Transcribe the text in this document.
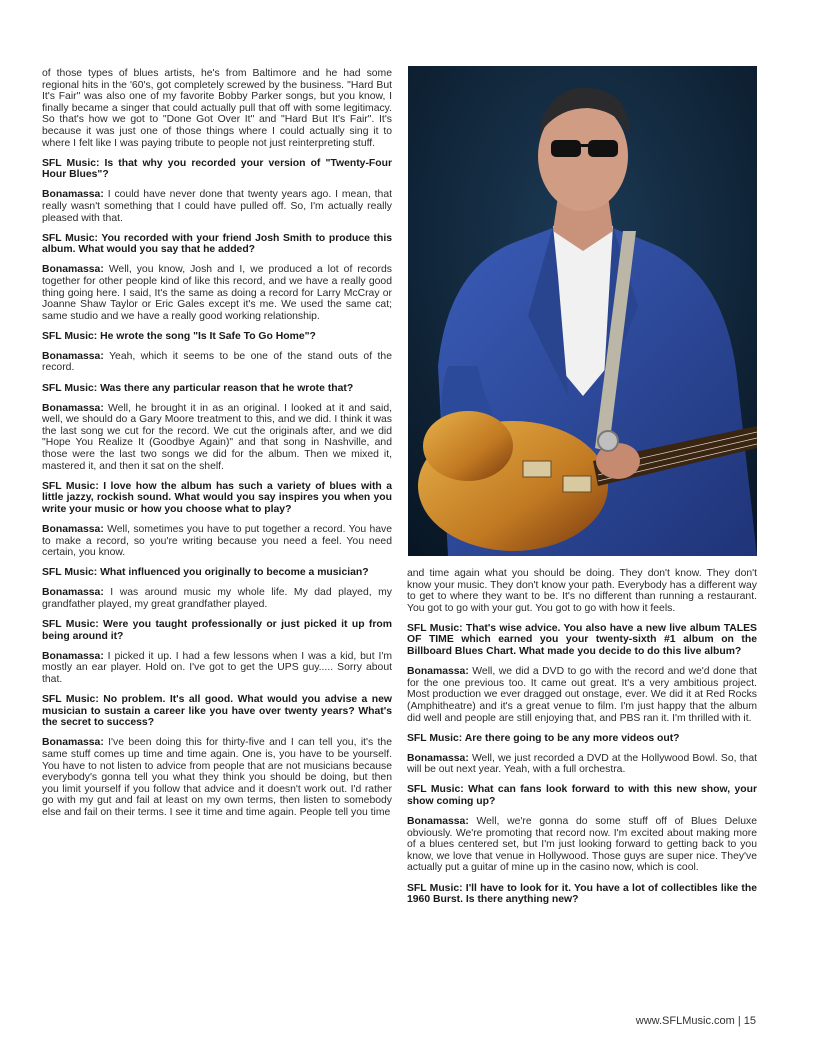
of those types of blues artists, he's from Baltimore and he had some regional hits in the '60's, got completely screwed by the business. "Hard But It's Fair" was also one of my favorite Bobby Parker songs, but you know, I finally became a singer that could actually pull that off with some legitimacy. So that's how we got to "Done Got Over It" and "Hard But It's Fair". It's because it was just one of those things where I could actually sing it to where I felt like I was paying tribute to people not just reinterpreting stuff.

SFL Music: Is that why you recorded your version of "Twenty-Four Hour Blues"?

Bonamassa: I could have never done that twenty years ago. I mean, that really wasn't something that I could have pulled off. So, I'm actually really pleased with that.

SFL Music: You recorded with your friend Josh Smith to produce this album. What would you say that he added?

Bonamassa: Well, you know, Josh and I, we produced a lot of records together for other people kind of like this record, and we have a really good thing going here. I said, It's the same as doing a record for Larry McCray or Joanne Shaw Taylor or Eric Gales except it's me. We used the same cat; same studio and we have a really good working relationship.

SFL Music: He wrote the song "Is It Safe To Go Home"?

Bonamassa: Yeah, which it seems to be one of the stand outs of the record.

SFL Music: Was there any particular reason that he wrote that?

Bonamassa: Well, he brought it in as an original. I looked at it and said, well, we should do a Gary Moore treatment to this, and we did. I think it was the last song we cut for the record. We cut the originals after, and we did "Hope You Realize It (Goodbye Again)" and that song in Nashville, and those were the last two songs we did for the album. Then we mixed it, mastered it, and then it sat on the shelf.

SFL Music: I love how the album has such a variety of blues with a little jazzy, rockish sound. What would you say inspires you when you write your music or how you choose what to play?

Bonamassa: Well, sometimes you have to put together a record. You have to make a record, so you're writing because you need a feel. You need certain, you know.

SFL Music: What influenced you originally to become a musician?

Bonamassa: I was around music my whole life. My dad played, my grandfather played, my great grandfather played.

SFL Music: Were you taught professionally or just picked it up from being around it?

Bonamassa: I picked it up. I had a few lessons when I was a kid, but I'm mostly an ear player. Hold on. I've got to get the UPS guy..... Sorry about that.

SFL Music: No problem. It's all good. What would you advise a new musician to sustain a career like you have over twenty years? What's the secret to success?

Bonamassa: I've been doing this for thirty-five and I can tell you, it's the same stuff comes up time and time again. One is, you have to be yourself. You have to not listen to advice from people that are not musicians because everybody's gonna tell you what they think you should be doing, but then you limit yourself if you follow that advice and it doesn't work out. I'd rather go with my gut and fail at least on my own terms, then listen to somebody else and fail on their terms. I see it time and time again. People tell you time

and time again what you should be doing. They don't know. They don't know your music. They don't know your path. Everybody has a different way to get to where they want to be. It's no different than running a restaurant. You got to go with your gut. You got to go with how it feels.

SFL Music: That's wise advice. You also have a new live album TALES OF TIME which earned you your twenty-sixth #1 album on the Billboard Blues Chart. What made you decide to do this live album?

Bonamassa: Well, we did a DVD to go with the record and we'd done that for the one previous too. It came out great. It's a very ambitious project. Most production we ever dragged out onstage, ever. We did it at Red Rocks (Amphitheatre) and it's a great venue to film. I'm just happy that the album did well and people are still enjoying that, and PBS ran it. I'm thrilled with it.

SFL Music: Are there going to be any more videos out?

Bonamassa: Well, we just recorded a DVD at the Hollywood Bowl. So, that will be out next year. Yeah, with a full orchestra.

SFL Music: What can fans look forward to with this new show, your show coming up?

Bonamassa: Well, we're gonna do some stuff off of Blues Deluxe obviously. We're promoting that record now. I'm excited about making more of a blues centered set, but I'm just looking forward to getting back to you know, we love that venue in Hollywood. Those guys are super nice. They've actually put a guitar of mine up in the casino now, which is cool.

SFL Music: I'll have to look for it. You have a lot of collectibles like the 1960 Burst. Is there anything new?

www.SFLMusic.com | 15
